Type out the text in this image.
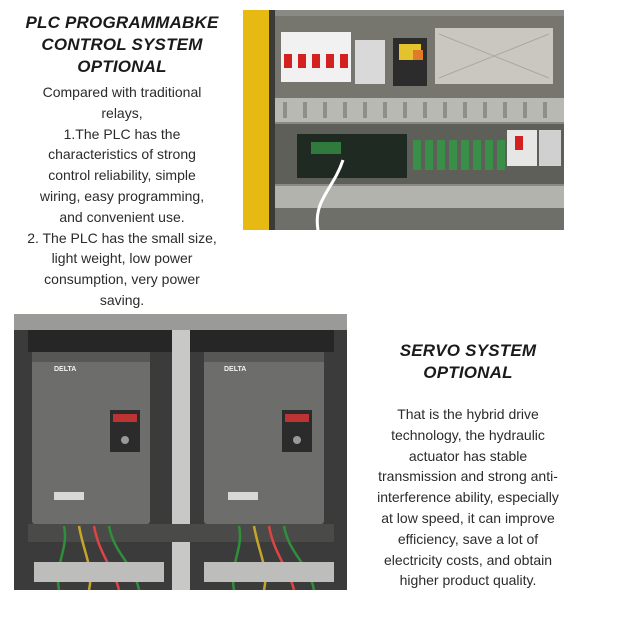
PLC PROGRAMMABKE
CONTROL SYSTEM
OPTIONAL

Compared with traditional
relays,
1.The PLC has the
characteristics of strong
control reliability, simple
wiring, easy programming,
and convenient use.
2. The PLC has the small size,
light weight, low power
consumption, very power
saving.

DELTA	DELTA

SERVO SYSTEM
OPTIONAL

That is the hybrid drive
technology, the hydraulic
actuator has stable
transmission and strong anti-
interference ability, especially
at low speed, it can improve
efficiency, save a lot of
electricity costs, and obtain
higher product quality.
